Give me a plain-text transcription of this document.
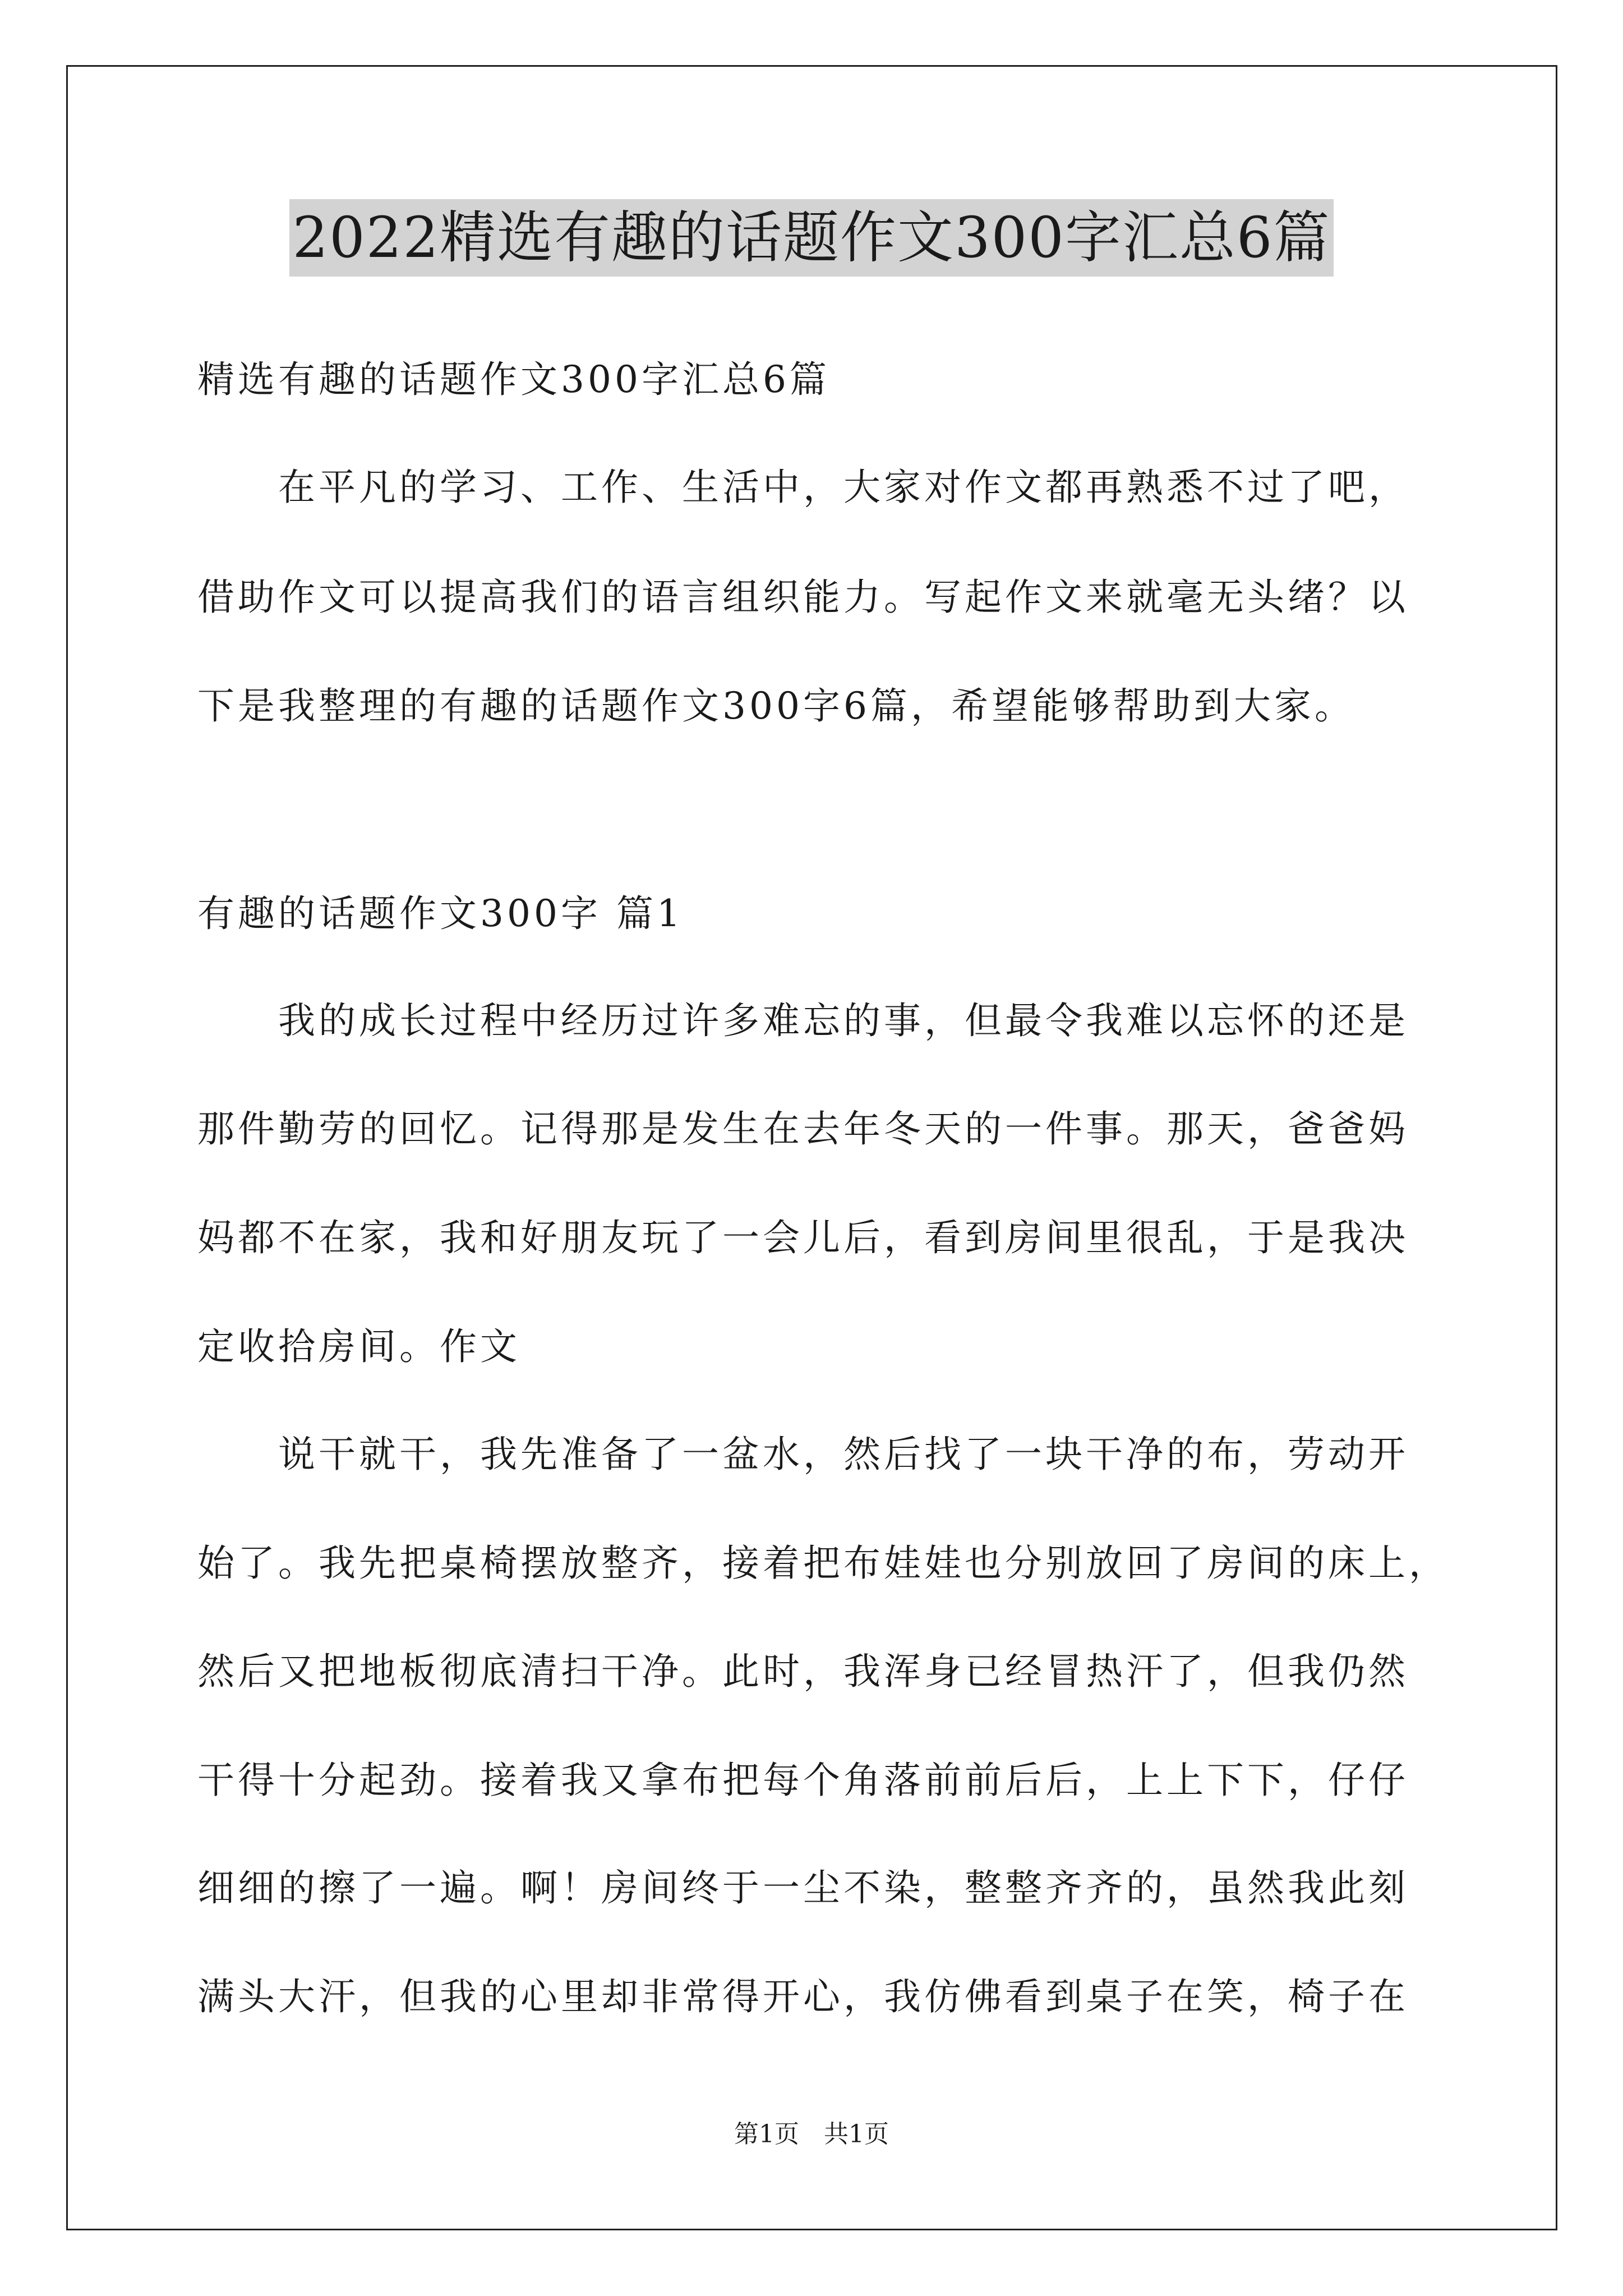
2022精选有趣的话题作文300字汇总6篇
精选有趣的话题作文300字汇总6篇
在平凡的学习、工作、生活中，大家对作文都再熟悉不过了吧，
借助作文可以提高我们的语言组织能力。写起作文来就毫无头绪？以
下是我整理的有趣的话题作文300字6篇，希望能够帮助到大家。
有趣的话题作文300字 篇1
我的成长过程中经历过许多难忘的事，但最令我难以忘怀的还是
那件勤劳的回忆。记得那是发生在去年冬天的一件事。那天，爸爸妈
妈都不在家，我和好朋友玩了一会儿后，看到房间里很乱，于是我决
定收拾房间。作文
说干就干，我先准备了一盆水，然后找了一块干净的布，劳动开
始了。我先把桌椅摆放整齐，接着把布娃娃也分别放回了房间的床上，
然后又把地板彻底清扫干净。此时，我浑身已经冒热汗了，但我仍然
干得十分起劲。接着我又拿布把每个角落前前后后，上上下下，仔仔
细细的擦了一遍。啊！房间终于一尘不染，整整齐齐的，虽然我此刻
满头大汗，但我的心里却非常得开心，我仿佛看到桌子在笑，椅子在
第1页　共1页
